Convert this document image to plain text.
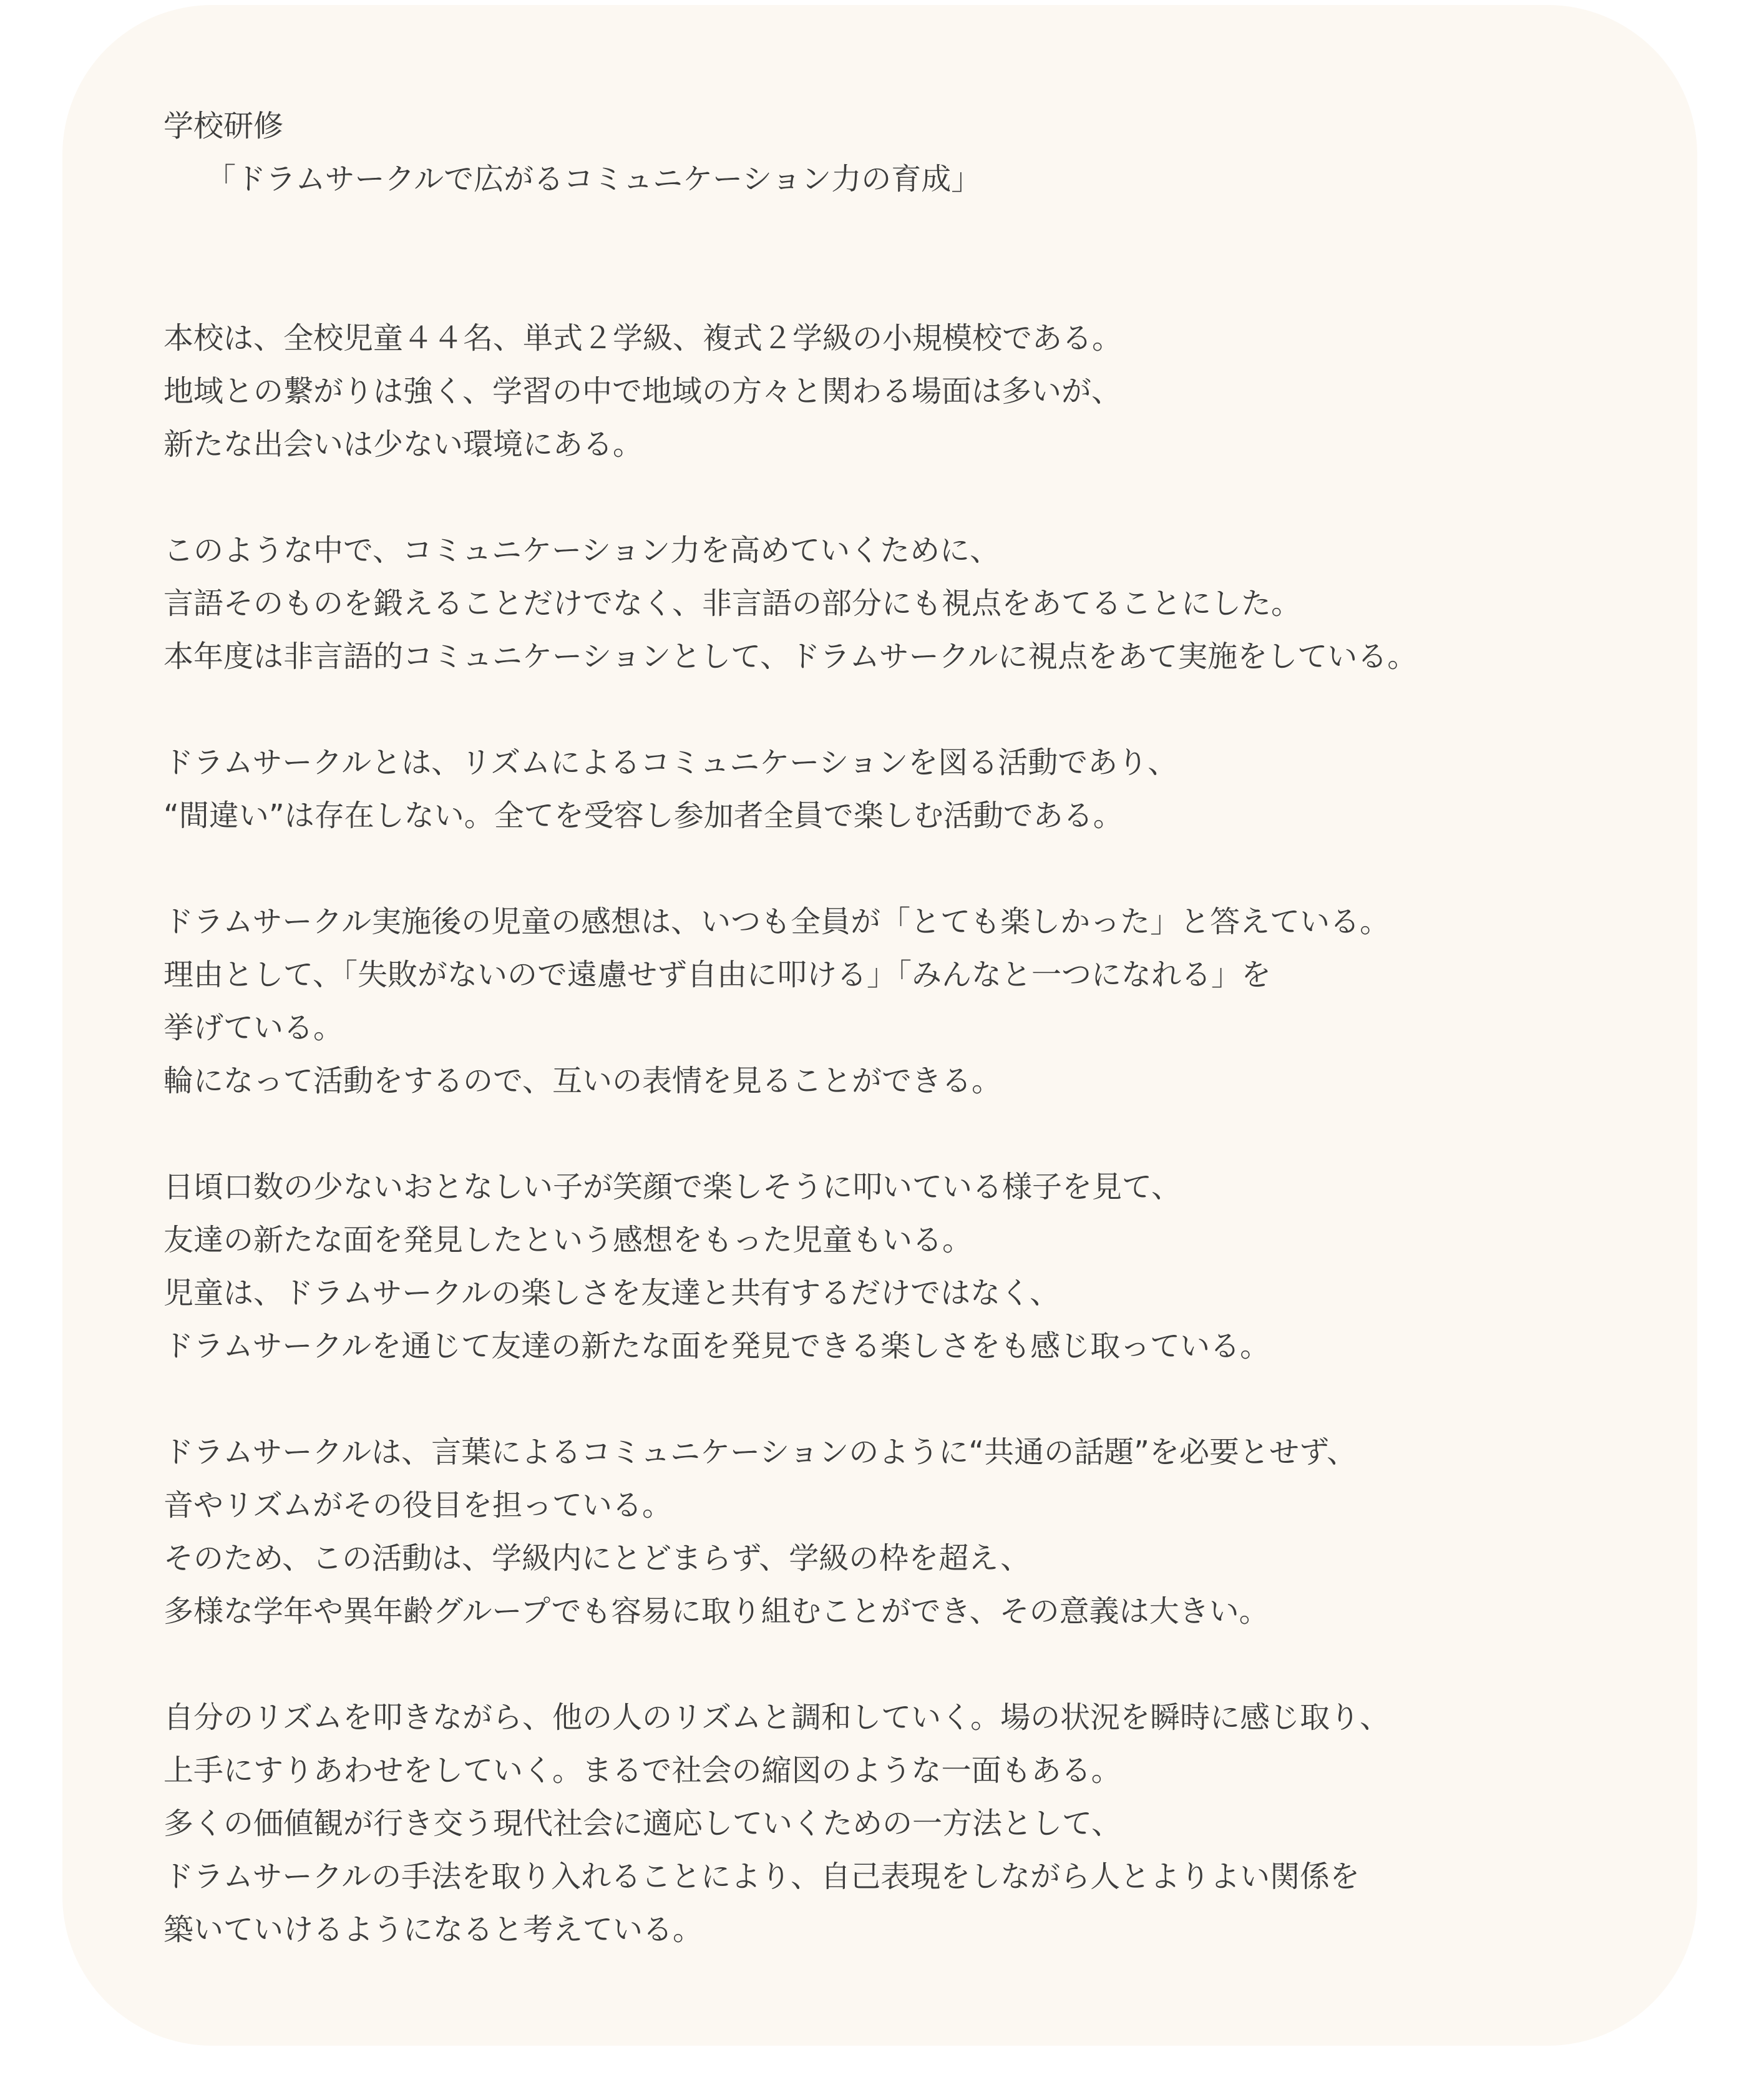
学校研修
「ドラムサークルで広がるコミュニケーション力の育成」
本校は、全校児童４４名、単式２学級、複式２学級の小規模校である。
地域との繋がりは強く、学習の中で地域の方々と関わる場面は多いが、
新たな出会いは少ない環境にある。
このような中で、コミュニケーション力を高めていくために、
言語そのものを鍛えることだけでなく、非言語の部分にも視点をあてることにした。
本年度は非言語的コミュニケーションとして、ドラムサークルに視点をあて実施をしている。
ドラムサークルとは、リズムによるコミュニケーションを図る活動であり、
“間違い”は存在しない。全てを受容し参加者全員で楽しむ活動である。
ドラムサークル実施後の児童の感想は、いつも全員が「とても楽しかった」と答えている。
理由として、「失敗がないので遠慮せず自由に叩ける」「みんなと一つになれる」を
挙げている。
輪になって活動をするので、互いの表情を見ることができる。
日頃口数の少ないおとなしい子が笑顔で楽しそうに叩いている様子を見て、
友達の新たな面を発見したという感想をもった児童もいる。
児童は、ドラムサークルの楽しさを友達と共有するだけではなく、
ドラムサークルを通じて友達の新たな面を発見できる楽しさをも感じ取っている。
ドラムサークルは、言葉によるコミュニケーションのように“共通の話題”を必要とせず、
音やリズムがその役目を担っている。
そのため、この活動は、学級内にとどまらず、学級の枠を超え、
多様な学年や異年齢グループでも容易に取り組むことができ、その意義は大きい。
自分のリズムを叩きながら、他の人のリズムと調和していく。場の状況を瞬時に感じ取り、
上手にすりあわせをしていく。まるで社会の縮図のような一面もある。
多くの価値観が行き交う現代社会に適応していくための一方法として、
ドラムサークルの手法を取り入れることにより、自己表現をしながら人とよりよい関係を
築いていけるようになると考えている。
